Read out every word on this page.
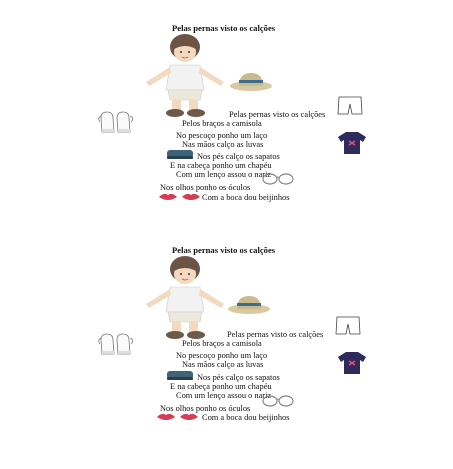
Pelas pernas visto os calções
Pelas pernas visto os calções
Pelos braços a camisola
No pescoço ponho um laço
Nas mãos calço as luvas
Nos pés calço os sapatos
E na cabeça ponho um chapéu
Com um lenço assou o nariz
Nos olhos ponho os óculos
Com a boca dou beijinhos
Pelas pernas visto os calções
Pelas pernas visto os calções
Pelos braços a camisola
No pescoço ponho um laço
Nas mãos calço as luvas
Nos pés calço os sapatos
E na cabeça ponho um chapéu
Com um lenço assou o nariz
Nos olhos ponho os óculos
Com a boca dou beijinhos
